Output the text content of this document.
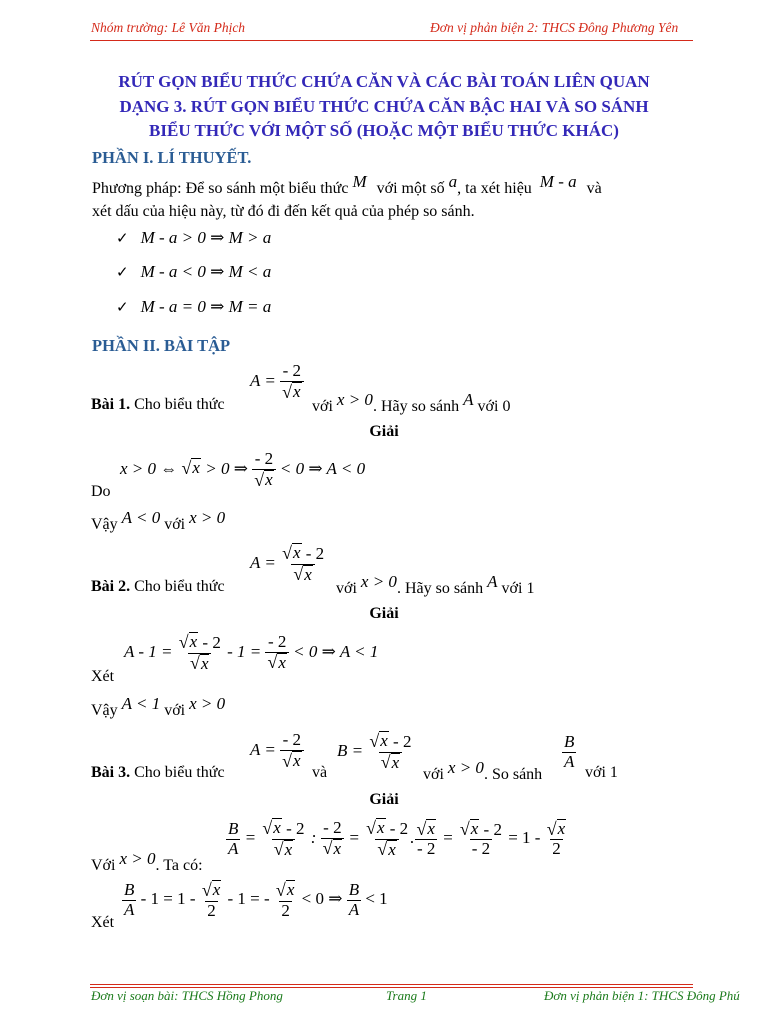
Nhóm trường: Lê Văn Phịch	Đơn vị phản biện 2: THCS Đông Phương Yên
RÚT GỌN BIỂU THỨC CHỨA CĂN VÀ CÁC BÀI TOÁN LIÊN QUAN
DẠNG 3. RÚT GỌN BIỂU THỨC CHỨA CĂN BẬC HAI VÀ SO SÁNH
BIỂU THỨC VỚI MỘT SỐ (HOẶC MỘT BIỂU THỨC KHÁC)
PHẦN I. LÍ THUYẾT.
Phương pháp: Để so sánh một biểu thức M với một số a, ta xét hiệu M - a và
xét dấu của hiệu này, từ đó đi đến kết quả của phép so sánh.
✓ M - a > 0 ⇒ M > a
✓ M - a < 0 ⇒ M < a
✓ M - a = 0 ⇒ M = a
PHẦN II. BÀI TẬP
$A = \frac{- 2}{√ x}$
Bài 1. Cho biểu thức	với x > 0. Hãy so sánh A với 0
Giải
x > 0 ⇔ √ x > 0 ⇒ $\frac{- 2}{√ x} < 0$ ⇒ A < 0
Do
Vậy A < 0 với x > 0
$A = \frac{√ x - 2}{√ x}$
Bài 2. Cho biểu thức	với x > 0. Hãy so sánh A với 1
Giải
$A - 1 = \frac{√ x - 2}{√ x} - 1 = \frac{- 2}{√ x} < 0$ ⇒ A < 1
Xét
Vậy A < 1 với x > 0
$A = \frac{- 2}{√ x}$ $B = \frac{√ x - 2}{√ x}$	$\frac{B}{A}$
Bài 3. Cho biểu thức	và	với x > 0. So sánh	với 1
Giải
$\frac{B}{A} = \frac{√ x - 2}{√ x}$ : $\frac{- 2}{√ x} = \frac{√ x - 2}{√ x}$ . $\frac{√ x}{- 2} = \frac{√ x - 2}{- 2} = 1 - \frac{√ x}{2}$
Với x > 0. Ta có:
$\frac{B}{A} - 1 = 1 - \frac{√ x}{2} - 1$ = - $\frac{√ x}{2} < 0$ ⇒ $\frac{B}{A} < 1$
Xét
Đơn vị soạn bài: THCS Hồng Phong	Trang 1	Đơn vị phản biện 1: THCS Đông Phú
